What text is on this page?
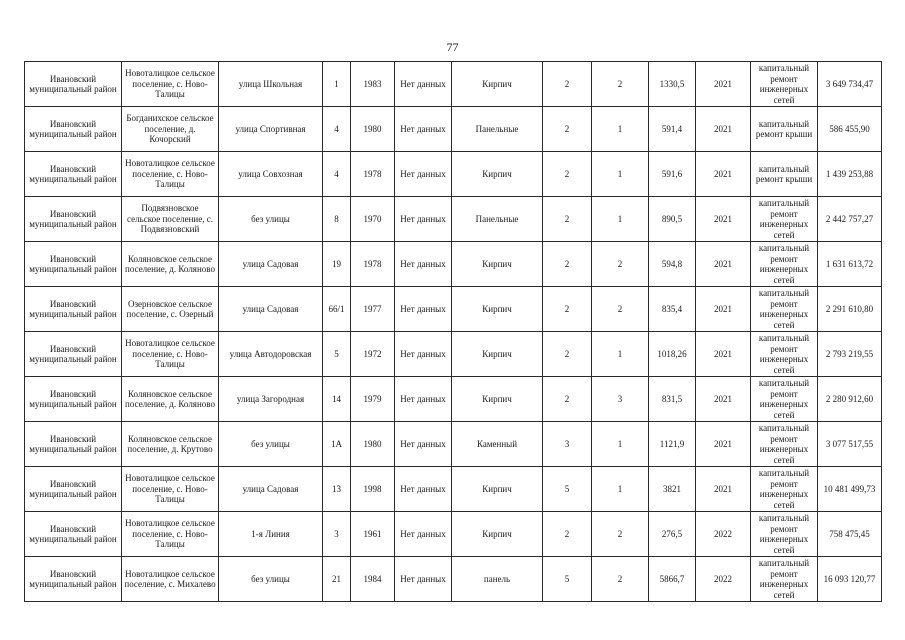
77
Ивановский муниципальный район	Новоталицкое сельское поселение, с. Ново-Талицы	улица Школьная	1	1983	Нет данных	Кирпич	2	2	1330,5	2021	капитальный ремонт инженерных сетей	3 649 734,47
Ивановский муниципальный район	Богданихское сельское поселение, д. Кочорский	улица Спортивная	4	1980	Нет данных	Панельные	2	1	591,4	2021	капитальный ремонт крыши	586 455,90
Ивановский муниципальный район	Новоталицкое сельское поселение, с. Ново-Талицы	улица Совхозная	4	1978	Нет данных	Кирпич	2	1	591,6	2021	капитальный ремонт крыши	1 439 253,88
Ивановский муниципальный район	Подвязновское сельское поселение, с. Подвязновский	без улицы	8	1970	Нет данных	Панельные	2	1	890,5	2021	капитальный ремонт инженерных сетей	2 442 757,27
Ивановский муниципальный район	Коляновское сельское поселение, д. Коляново	улица Садовая	19	1978	Нет данных	Кирпич	2	2	594,8	2021	капитальный ремонт инженерных сетей	1 631 613,72
Ивановский муниципальный район	Озерновское сельское поселение, с. Озерный	улица Садовая	66/1	1977	Нет данных	Кирпич	2	2	835,4	2021	капитальный ремонт инженерных сетей	2 291 610,80
Ивановский муниципальный район	Новоталицкое сельское поселение, с. Ново-Талицы	улица Автодоровская	5	1972	Нет данных	Кирпич	2	1	1018,26	2021	капитальный ремонт инженерных сетей	2 793 219,55
Ивановский муниципальный район	Коляновское сельское поселение, д. Коляново	улица Загородная	14	1979	Нет данных	Кирпич	2	3	831,5	2021	капитальный ремонт инженерных сетей	2 280 912,60
Ивановский муниципальный район	Коляновское сельское поселение, д. Крутово	без улицы	1А	1980	Нет данных	Каменный	3	1	1121,9	2021	капитальный ремонт инженерных сетей	3 077 517,55
Ивановский муниципальный район	Новоталицкое сельское поселение, с. Ново-Талицы	улица Садовая	13	1998	Нет данных	Кирпич	5	1	3821	2021	капитальный ремонт инженерных сетей	10 481 499,73
Ивановский муниципальный район	Новоталицкое сельское поселение, с. Ново-Талицы	1-я Линия	3	1961	Нет данных	Кирпич	2	2	276,5	2022	капитальный ремонт инженерных сетей	758 475,45
Ивановский муниципальный район	Новоталицкое сельское поселение, с. Михалево	без улицы	21	1984	Нет данных	панель	5	2	5866,7	2022	капитальный ремонт инженерных сетей	16 093 120,77
